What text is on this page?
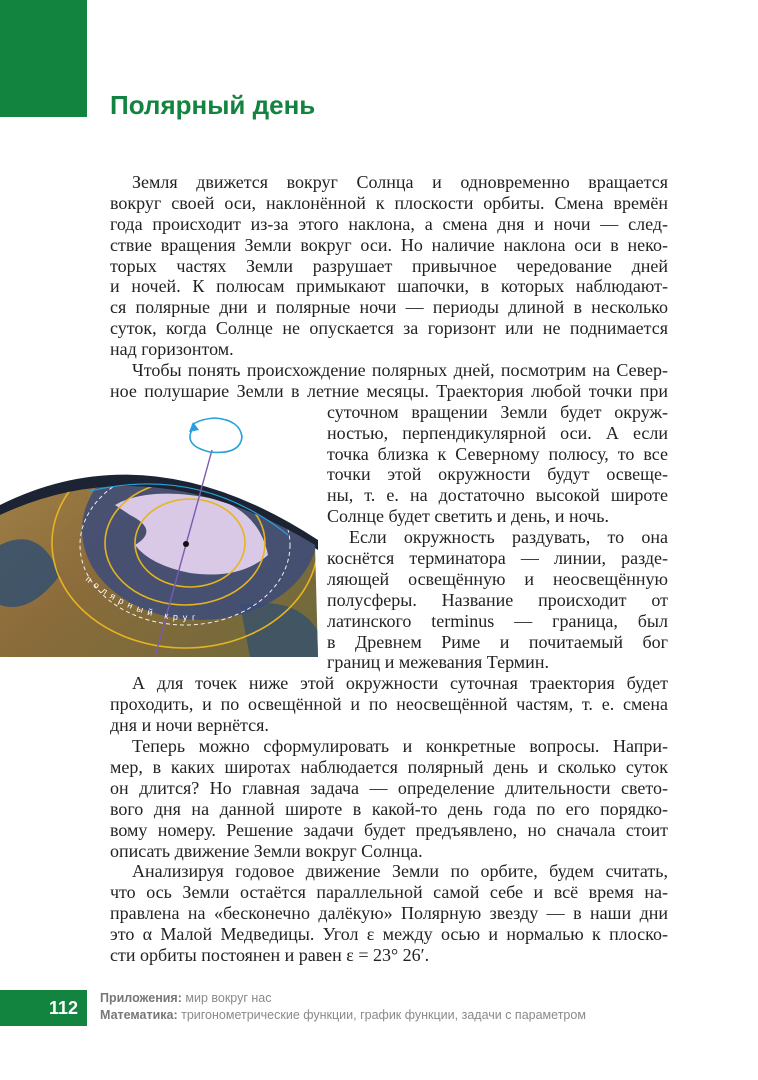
Полярный день
Земля движется вокруг Солнца и одновременно вращается
вокруг своей оси, наклонённой к плоскости орбиты. Смена времён
года происходит из-за этого наклона, а смена дня и ночи — след-
ствие вращения Земли вокруг оси. Но наличие наклона оси в неко-
торых частях Земли разрушает привычное чередование дней
и ночей. К полюсам примыкают шапочки, в которых наблюдают-
ся полярные дни и полярные ночи — периоды длиной в несколько
суток, когда Солнце не опускается за горизонт или не поднимается
над горизонтом.
Чтобы понять происхождение полярных дней, посмотрим на Север-
ное полушарие Земли в летние месяцы. Траектория любой точки при
суточном вращении Земли будет окруж-
ностью, перпендикулярной оси. А если
точка близка к Северному полюсу, то все
точки этой окружности будут освеще-
ны, т. е. на достаточно высокой широте
Солнце будет светить и день, и ночь.
Если окружность раздувать, то она
коснётся терминатора — линии, разде-
ляющей освещённую и неосвещённую
полусферы. Название происходит от
латинского terminus — граница, был
в Древнем Риме и почитаемый бог
границ и межевания Термин.
А для точек ниже этой окружности суточная траектория будет
проходить, и по освещённой и по неосвещённой частям, т. е. смена
дня и ночи вернётся.
Теперь можно сформулировать и конкретные вопросы. Напри-
мер, в каких широтах наблюдается полярный день и сколько суток
он длится? Но главная задача — определение длительности свето-
вого дня на данной широте в какой-то день года по его порядко-
вому номеру. Решение задачи будет предъявлено, но сначала стоит
описать движение Земли вокруг Солнца.
Анализируя годовое движение Земли по орбите, будем считать,
что ось Земли остаётся параллельной самой себе и всё время на-
правлена на «бесконечно далёкую» Полярную звезду — в наши дни
это α Малой Медведицы. Угол ε между осью и нормалью к плоско-
сти орбиты постоянен и равен ε = 23° 26′.
полярный круг
112	Приложения: мир вокруг нас
Математика: тригонометрические функции, график функции, задачи с параметром
